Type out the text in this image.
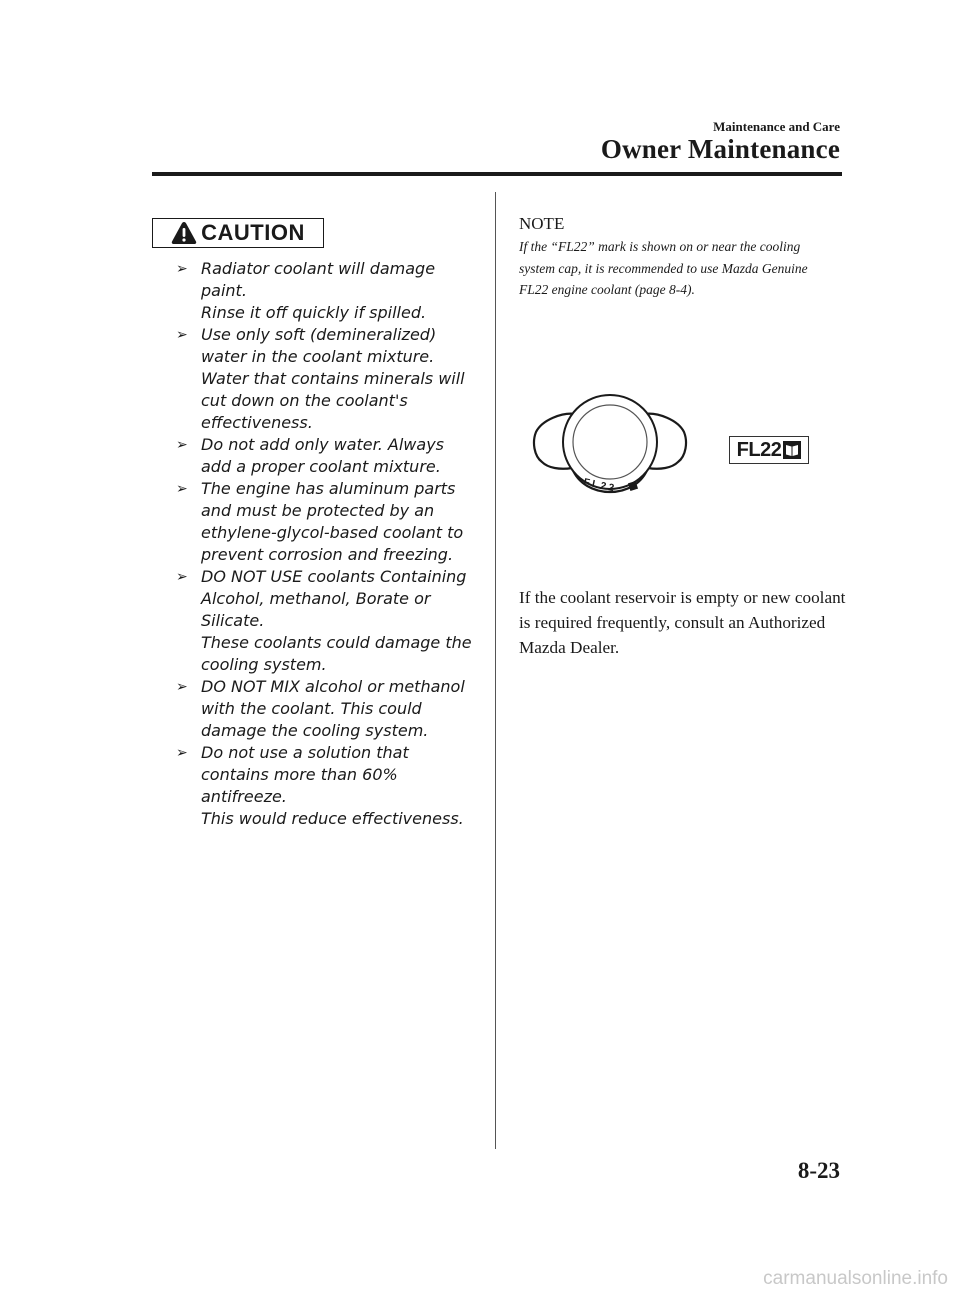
Maintenance and Care
Owner Maintenance
CAUTION
➢ Radiator coolant will damage paint.
Rinse it off quickly if spilled.
➢ Use only soft (demineralized) water in the coolant mixture.
Water that contains minerals will cut down on the coolant's effectiveness.
➢ Do not add only water. Always add a proper coolant mixture.
➢ The engine has aluminum parts and must be protected by an ethylene-glycol-based coolant to prevent corrosion and freezing.
➢ DO NOT USE coolants Containing Alcohol, methanol, Borate or Silicate.
These coolants could damage the cooling system.
➢ DO NOT MIX alcohol or methanol with the coolant. This could damage the cooling system.
➢ Do not use a solution that contains more than 60% antifreeze.
This would reduce effectiveness.
NOTE
If the “FL22” mark is shown on or near the cooling system cap, it is recommended to use Mazda Genuine FL22 engine coolant (page 8-4).
FL22
FL22
If the coolant reservoir is empty or new coolant is required frequently, consult an Authorized Mazda Dealer.
8-23
carmanualsonline.info
